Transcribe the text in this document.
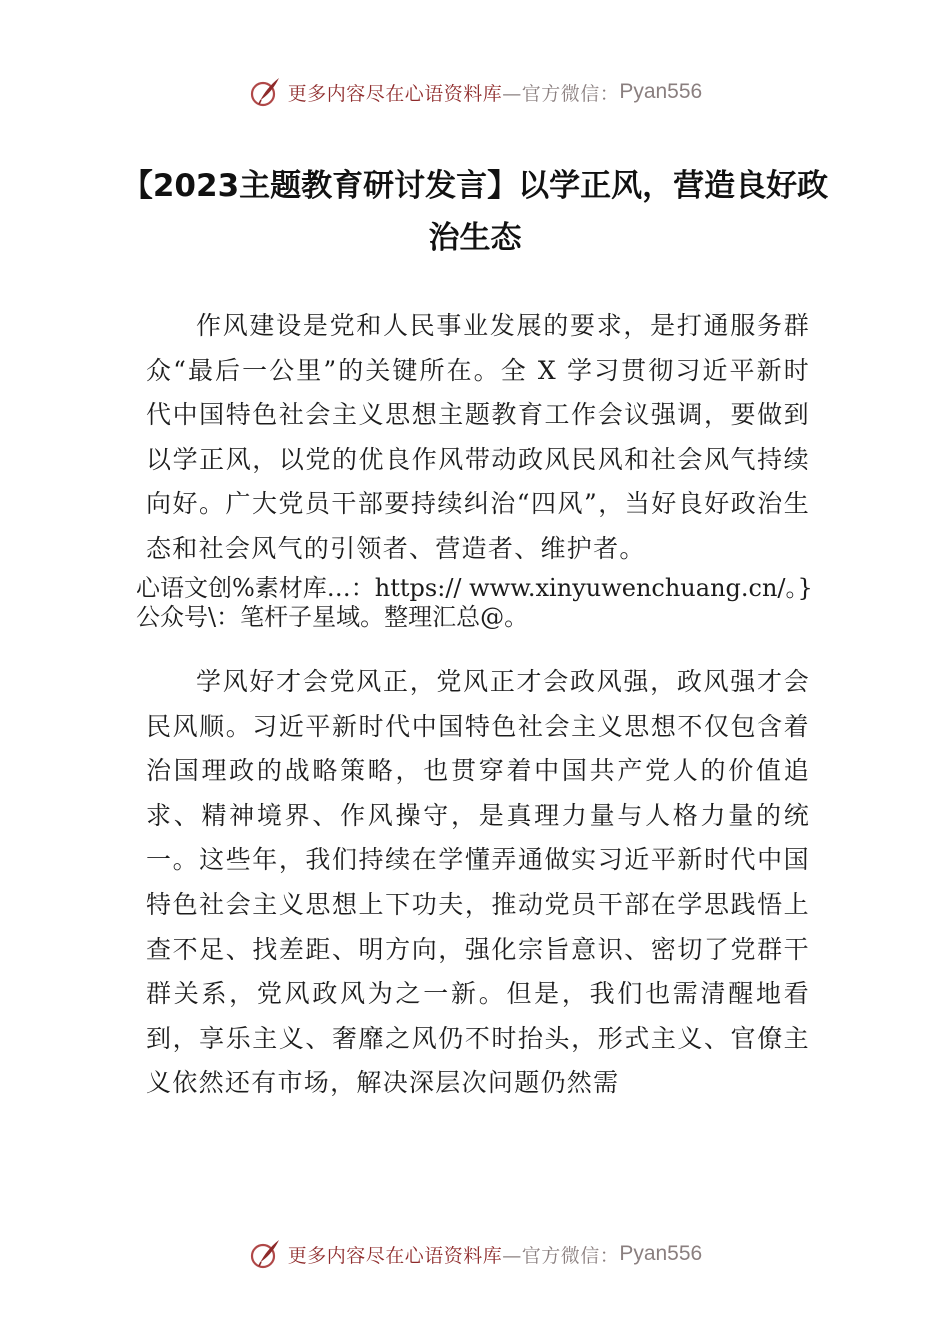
更多内容尽在心语资料库 —官方微信： Pyan556
【2023主题教育研讨发言】以学正风，营造良好政治生态

作风建设是党和人民事业发展的要求，是打通服务群众“最后一公里”的关键所在。全 X 学习贯彻习近平新时代中国特色社会主义思想主题教育工作会议强调，要做到以学正风，以党的优良作风带动政风民风和社会风气持续向好。广大党员干部要持续纠治“四风”，当好良好政治生态和社会风气的引领者、营造者、维护者。

心语文创%素材库…：https:// www.xinyuwenchuang.cn/。}公众号\：笔杆子星域。整理汇总@。

学风好才会党风正，党风正才会政风强，政风强才会民风顺。习近平新时代中国特色社会主义思想不仅包含着治国理政的战略策略，也贯穿着中国共产党人的价值追求、精神境界、作风操守，是真理力量与人格力量的统一。这些年，我们持续在学懂弄通做实习近平新时代中国特色社会主义思想上下功夫，推动党员干部在学思践悟上查不足、找差距、明方向，强化宗旨意识、密切了党群干群关系，党风政风为之一新。但是，我们也需清醒地看到，享乐主义、奢靡之风仍不时抬头，形式主义、官僚主义依然还有市场，解决深层次问题仍然需

更多内容尽在心语资料库 —官方微信： Pyan556
